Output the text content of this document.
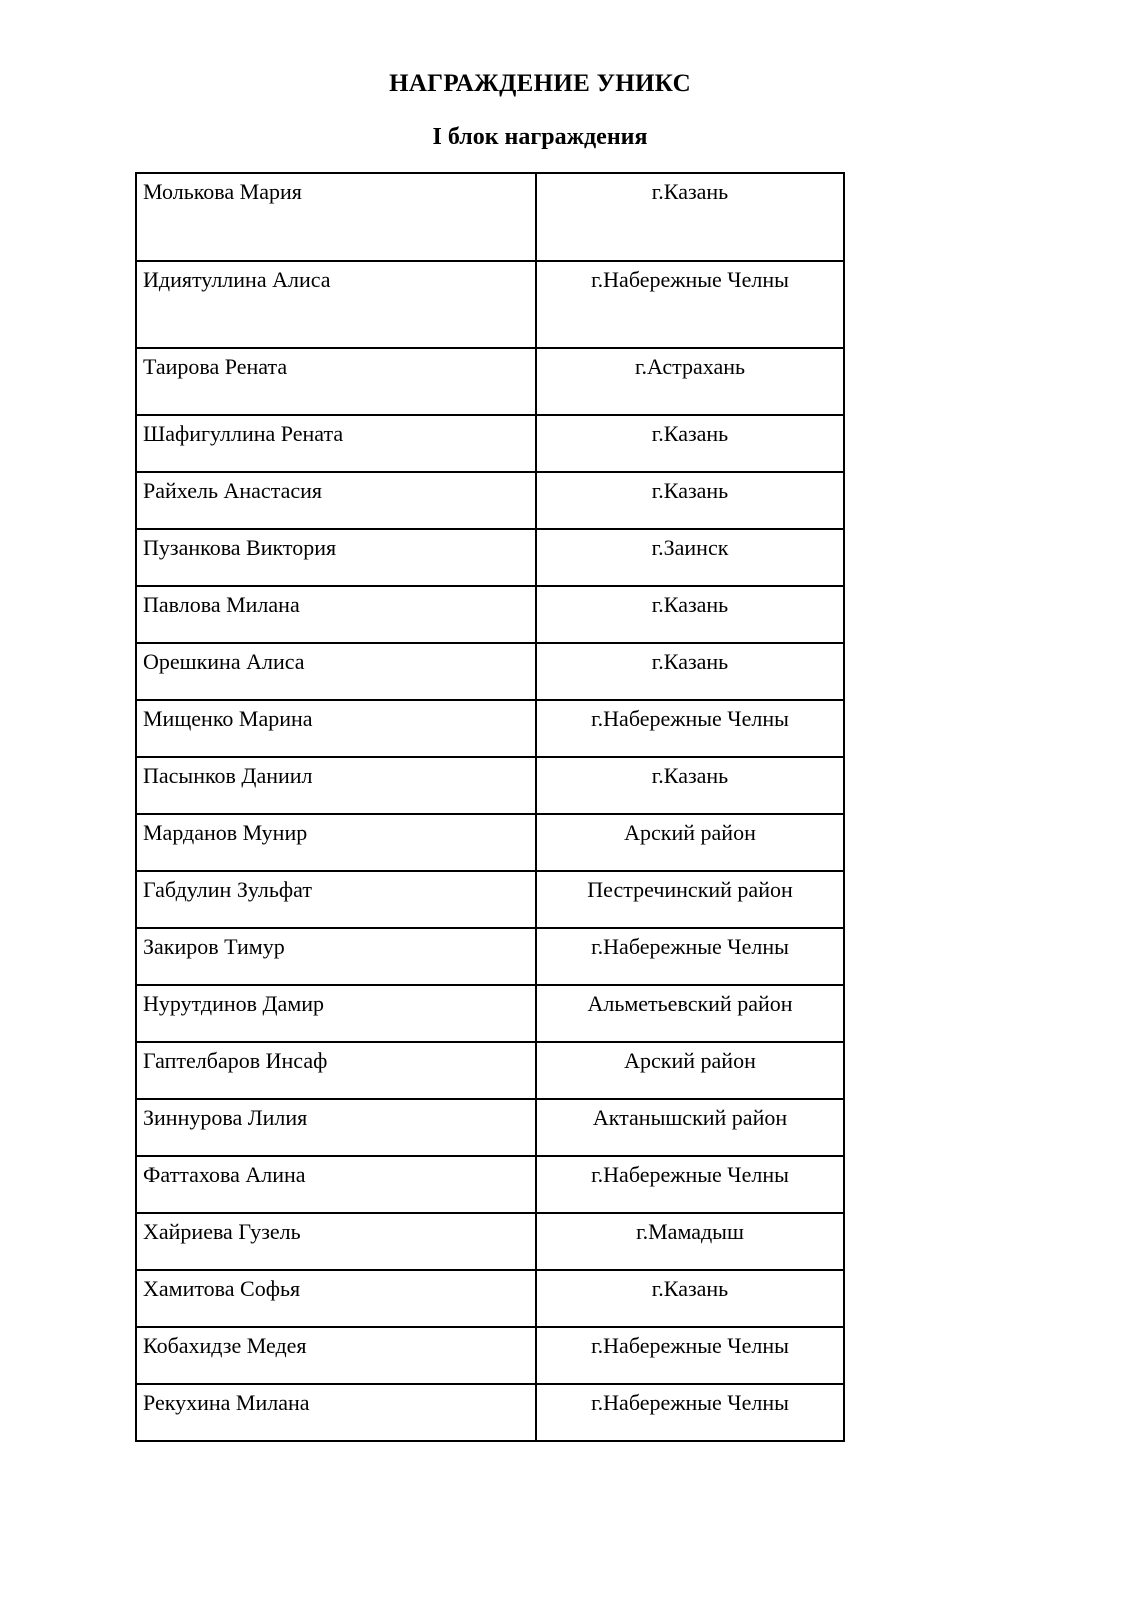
НАГРАЖДЕНИЕ УНИКС
I блок награждения
Молькова Мария	г.Казань
Идиятуллина Алиса	г.Набережные Челны
Таирова Рената	г.Астрахань
Шафигуллина Рената	г.Казань
Райхель Анастасия	г.Казань
Пузанкова Виктория	г.Заинск
Павлова Милана	г.Казань
Орешкина Алиса	г.Казань
Мищенко Марина	г.Набережные Челны
Пасынков Даниил	г.Казань
Марданов Мунир	Арский район
Габдулин Зульфат	Пестречинский район
Закиров Тимур	г.Набережные Челны
Нурутдинов Дамир	Альметьевский район
Гаптелбаров Инсаф	Арский район
Зиннурова Лилия	Актанышский район
Фаттахова Алина	г.Набережные Челны
Хайриева Гузель	г.Мамадыш
Хамитова Софья	г.Казань
Кобахидзе Медея	г.Набережные Челны
Рекухина Милана	г.Набережные Челны
